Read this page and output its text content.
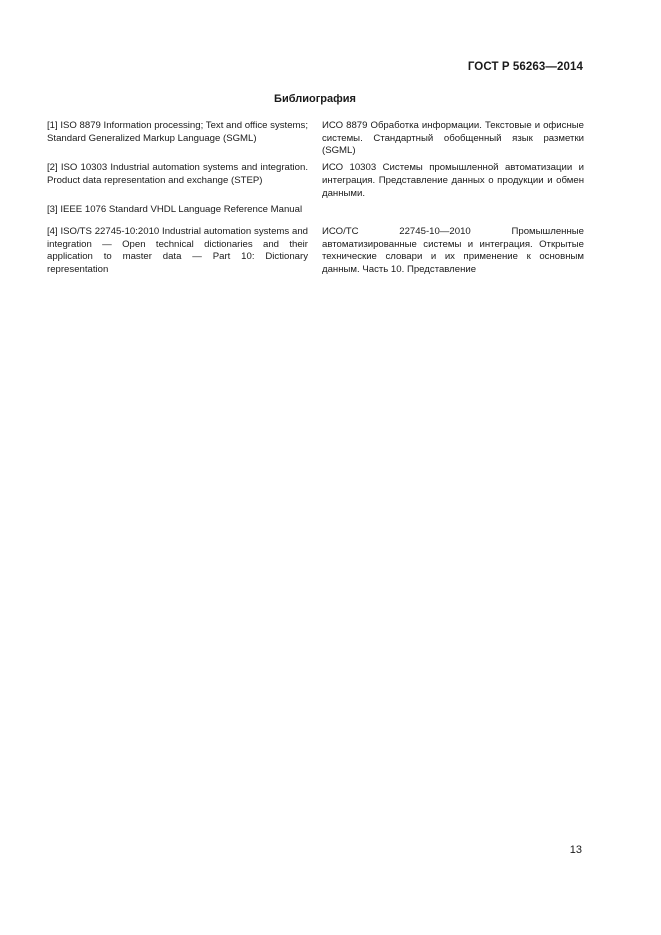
ГОСТ Р 56263—2014
Библиография
[1] ISO 8879 Information processing; Text and office systems; Standard Generalized Markup Language (SGML)
ИСО 8879 Обработка информации. Текстовые и офисные системы. Стандартный обобщенный язык разметки (SGML)
[2] ISO 10303 Industrial automation systems and integration. Product data representation and exchange (STEP)
ИСО 10303 Системы промышленной автоматизации и интеграция. Представление данных о продукции и обмен данными.
[3] IEEE 1076 Standard VHDL Language Reference Manual
[4] ISO/TS 22745-10:2010 Industrial automation systems and integration — Open technical dictionaries and their application to master data — Part 10: Dictionary representation
ИСО/ТС 22745-10—2010 Промышленные автоматизированные системы и интеграция. Открытые технические словари и их применение к основным данным. Часть 10. Представление
13
